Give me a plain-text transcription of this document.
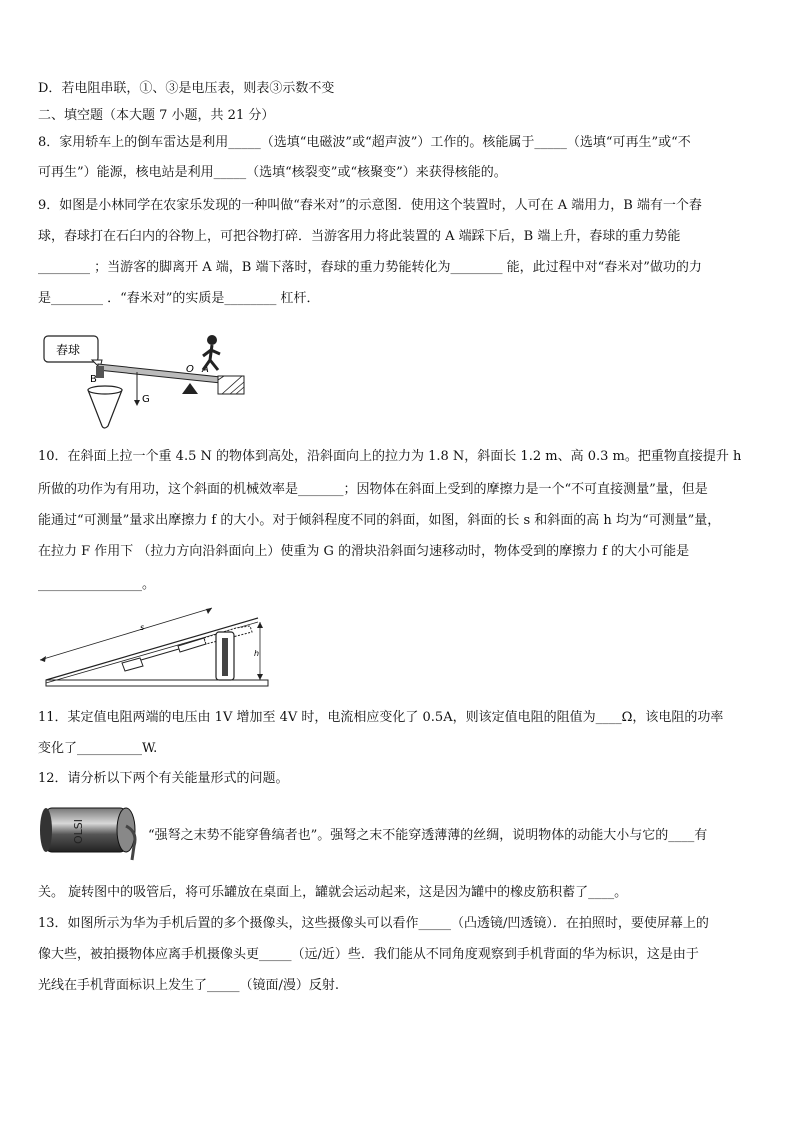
D．若电阻串联，①、③是电压表，则表③示数不变
二、填空题（本大题 7 小题，共 21 分）
8．家用轿车上的倒车雷达是利用_____（选填“电磁波”或“超声波”）工作的。核能属于_____（选填“可再生”或“不
可再生”）能源，核电站是利用_____（选填“核裂变”或“核聚变”）来获得核能的。
9．如图是小林同学在农家乐发现的一种叫做“舂米对”的示意图．使用这个装置时，人可在 A 端用力，B 端有一个舂
球，舂球打在石臼内的谷物上，可把谷物打碎．当游客用力将此装置的 A 端踩下后，B 端上升，舂球的重力势能
________ ；当游客的脚离开 A 端，B 端下落时，舂球的重力势能转化为________ 能，此过程中对“舂米对”做功的力
是________ ．“舂米对”的实质是________ 杠杆．
舂球
B
G
O A
10．在斜面上拉一个重 4.5 N 的物体到高处，沿斜面向上的拉力为 1.8 N，斜面长 1.2 m、高 0.3 m。把重物直接提升 h
所做的功作为有用功，这个斜面的机械效率是_______；因物体在斜面上受到的摩擦力是一个“不可直接测量”量，但是
能通过“可测量”量求出摩擦力 f 的大小。对于倾斜程度不同的斜面，如图，斜面的长 s 和斜面的高 h 均为“可测量”量，
在拉力 F 作用下 （拉力方向沿斜面向上）使重为 G 的滑块沿斜面匀速移动时，物体受到的摩擦力 f 的大小可能是
________________。
s
h
11．某定值电阻两端的电压由 1V 增加至 4V 时，电流相应变化了 0.5A，则该定值电阻的阻值为____Ω，该电阻的功率
变化了__________W.
12．请分析以下两个有关能量形式的问题。
OLSI	“强弩之末势不能穿鲁缟者也”。强弩之末不能穿透薄薄的丝绸，说明物体的动能大小与它的____有
关。 旋转图中的吸管后，将可乐罐放在桌面上，罐就会运动起来，这是因为罐中的橡皮筋积蓄了____。
13．如图所示为华为手机后置的多个摄像头，这些摄像头可以看作_____（凸透镜/凹透镜）．在拍照时，要使屏幕上的
像大些，被拍摄物体应离手机摄像头更_____（远/近）些．我们能从不同角度观察到手机背面的华为标识，这是由于
光线在手机背面标识上发生了_____（镜面/漫）反射.
